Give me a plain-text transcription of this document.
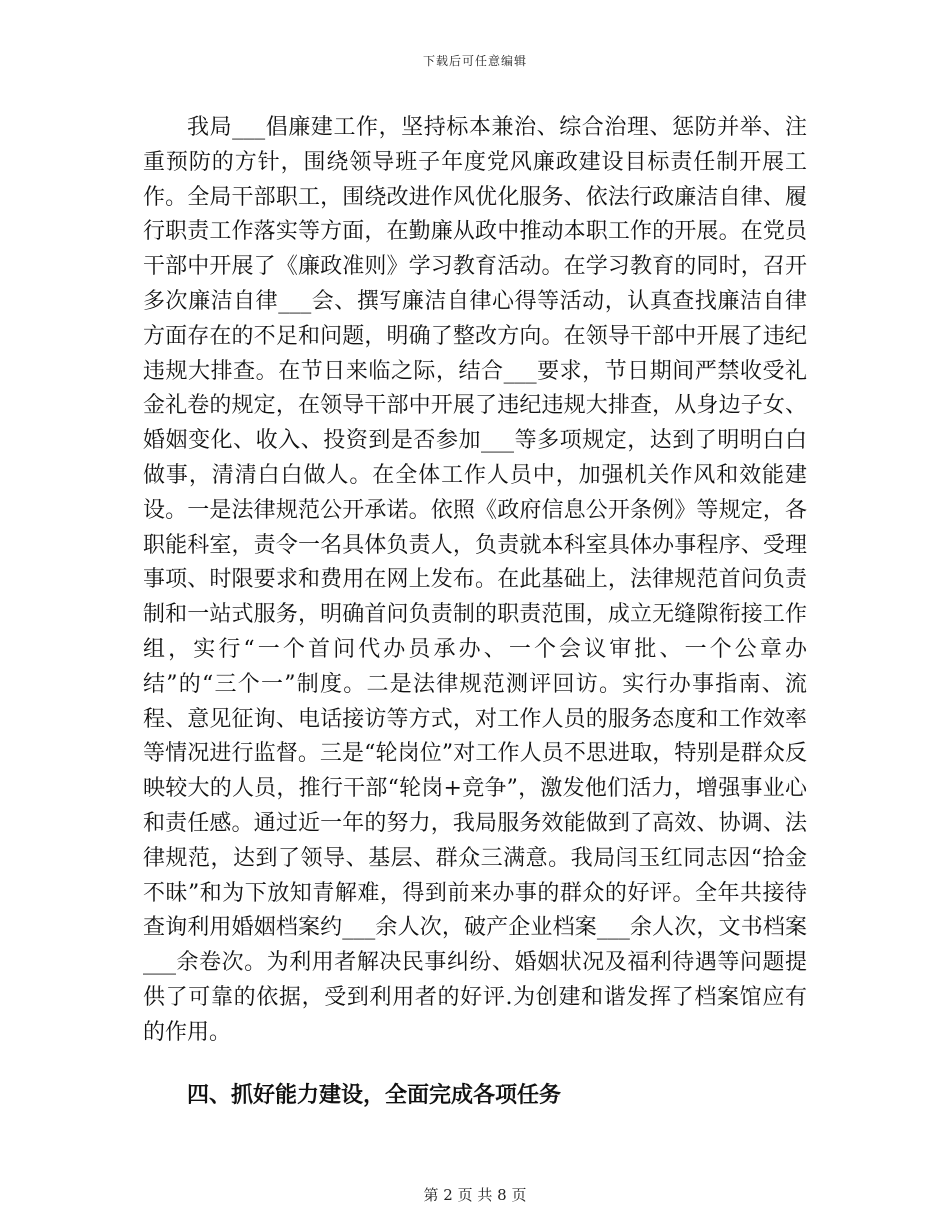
下载后可任意编辑

我局___倡廉建工作，坚持标本兼治、综合治理、惩防并举、注重预防的方针，围绕领导班子年度党风廉政建设目标责任制开展工作。全局干部职工，围绕改进作风优化服务、依法行政廉洁自律、履行职责工作落实等方面，在勤廉从政中推动本职工作的开展。在党员干部中开展了《廉政准则》学习教育活动。在学习教育的同时，召开多次廉洁自律___会、撰写廉洁自律心得等活动，认真查找廉洁自律方面存在的不足和问题，明确了整改方向。在领导干部中开展了违纪违规大排查。在节日来临之际，结合___要求，节日期间严禁收受礼金礼卷的规定，在领导干部中开展了违纪违规大排查，从身边子女、婚姻变化、收入、投资到是否参加___等多项规定，达到了明明白白做事，清清白白做人。在全体工作人员中，加强机关作风和效能建设。一是法律规范公开承诺。依照《政府信息公开条例》等规定，各职能科室，责令一名具体负责人，负责就本科室具体办事程序、受理事项、时限要求和费用在网上发布。在此基础上，法律规范首问负责制和一站式服务，明确首问负责制的职责范围，成立无缝隙衔接工作组，实行“一个首问代办员承办、一个会议审批、一个公章办结”的“三个一”制度。二是法律规范测评回访。实行办事指南、流程、意见征询、电话接访等方式，对工作人员的服务态度和工作效率等情况进行监督。三是“轮岗位”对工作人员不思进取，特别是群众反映较大的人员，推行干部“轮岗+竞争”，激发他们活力，增强事业心和责任感。通过近一年的努力，我局服务效能做到了高效、协调、法律规范，达到了领导、基层、群众三满意。我局闫玉红同志因“拾金不昧”和为下放知青解难，得到前来办事的群众的好评。全年共接待查询利用婚姻档案约___余人次，破产企业档案___余人次，文书档案___余卷次。为利用者解决民事纠纷、婚姻状况及福利待遇等问题提供了可靠的依据，受到利用者的好评.为创建和谐发挥了档案馆应有的作用。

四、抓好能力建设，全面完成各项任务

第 2 页 共 8 页
